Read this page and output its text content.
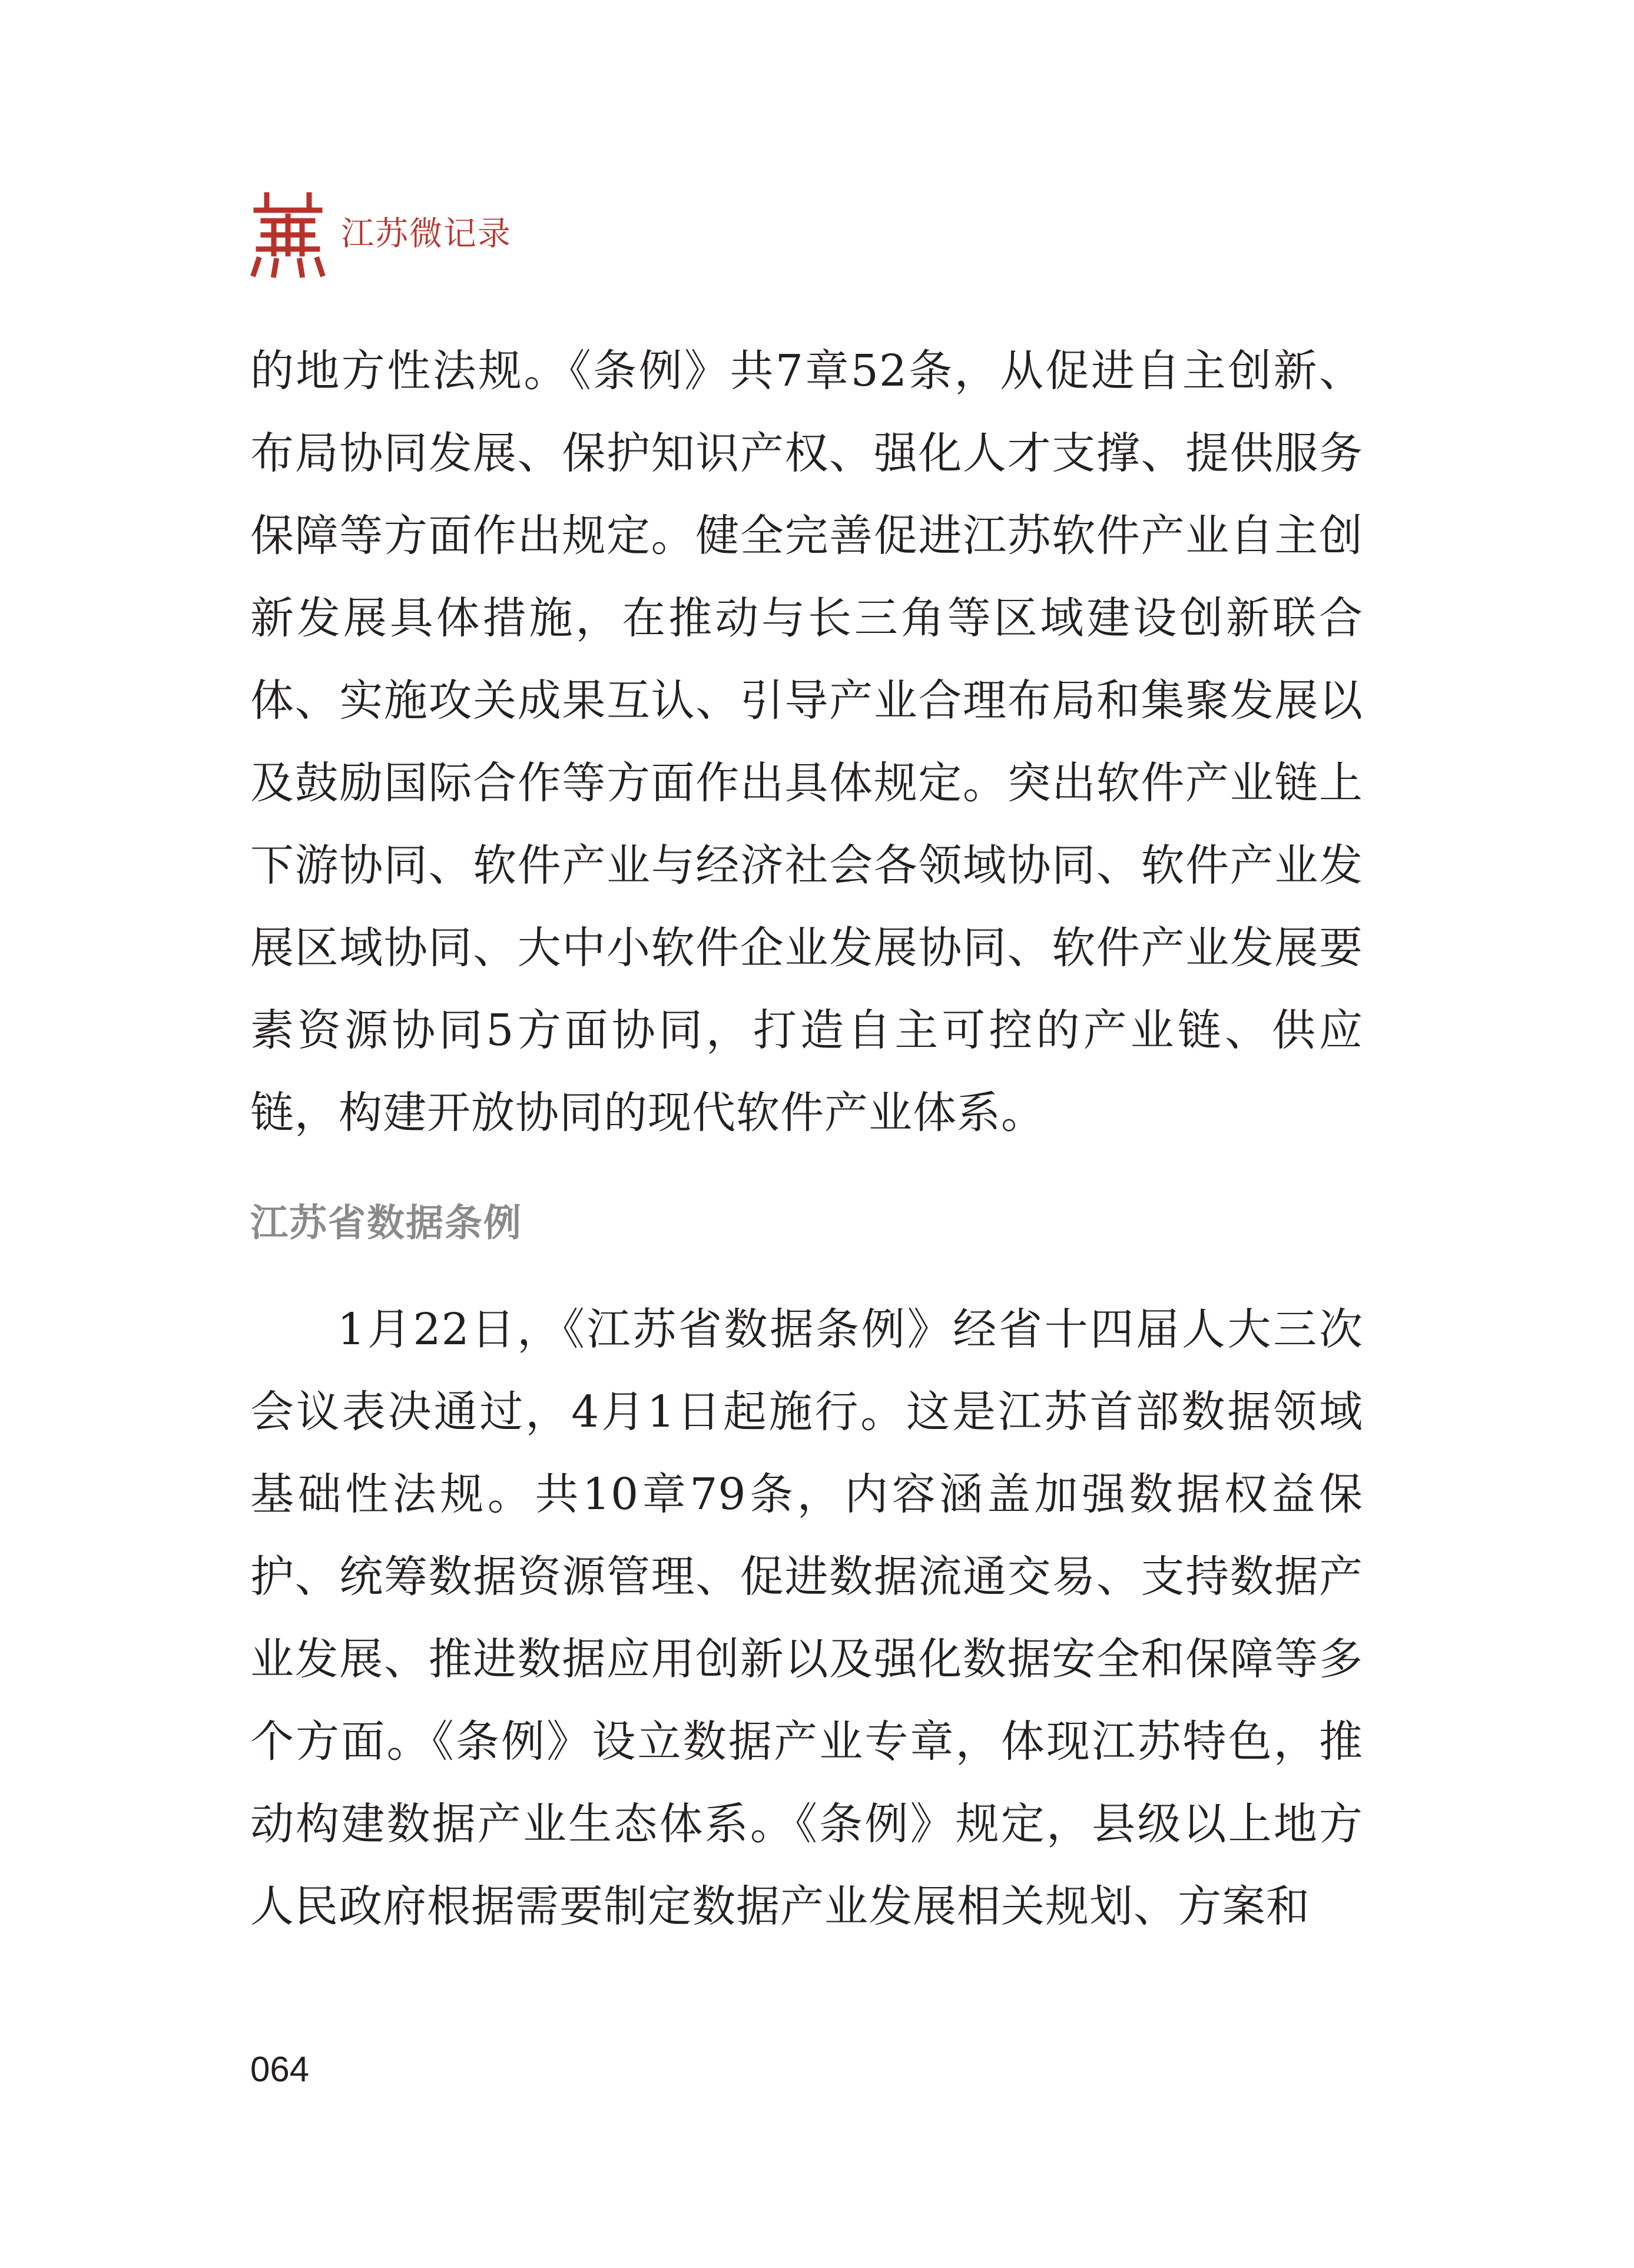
江苏微记录

的地方性法规。《条例》共7章52条，从促进自主创新、布局协同发展、保护知识产权、强化人才支撑、提供服务保障等方面作出规定。健全完善促进江苏软件产业自主创新发展具体措施，在推动与长三角等区域建设创新联合体、实施攻关成果互认、引导产业合理布局和集聚发展以及鼓励国际合作等方面作出具体规定。突出软件产业链上下游协同、软件产业与经济社会各领域协同、软件产业发展区域协同、大中小软件企业发展协同、软件产业发展要素资源协同5方面协同，打造自主可控的产业链、供应链，构建开放协同的现代软件产业体系。

江苏省数据条例

1月22日，《江苏省数据条例》经省十四届人大三次会议表决通过，4月1日起施行。这是江苏首部数据领域基础性法规。共10章79条，内容涵盖加强数据权益保护、统筹数据资源管理、促进数据流通交易、支持数据产业发展、推进数据应用创新以及强化数据安全和保障等多个方面。《条例》设立数据产业专章，体现江苏特色，推动构建数据产业生态体系。《条例》规定，县级以上地方人民政府根据需要制定数据产业发展相关规划、方案和

064
